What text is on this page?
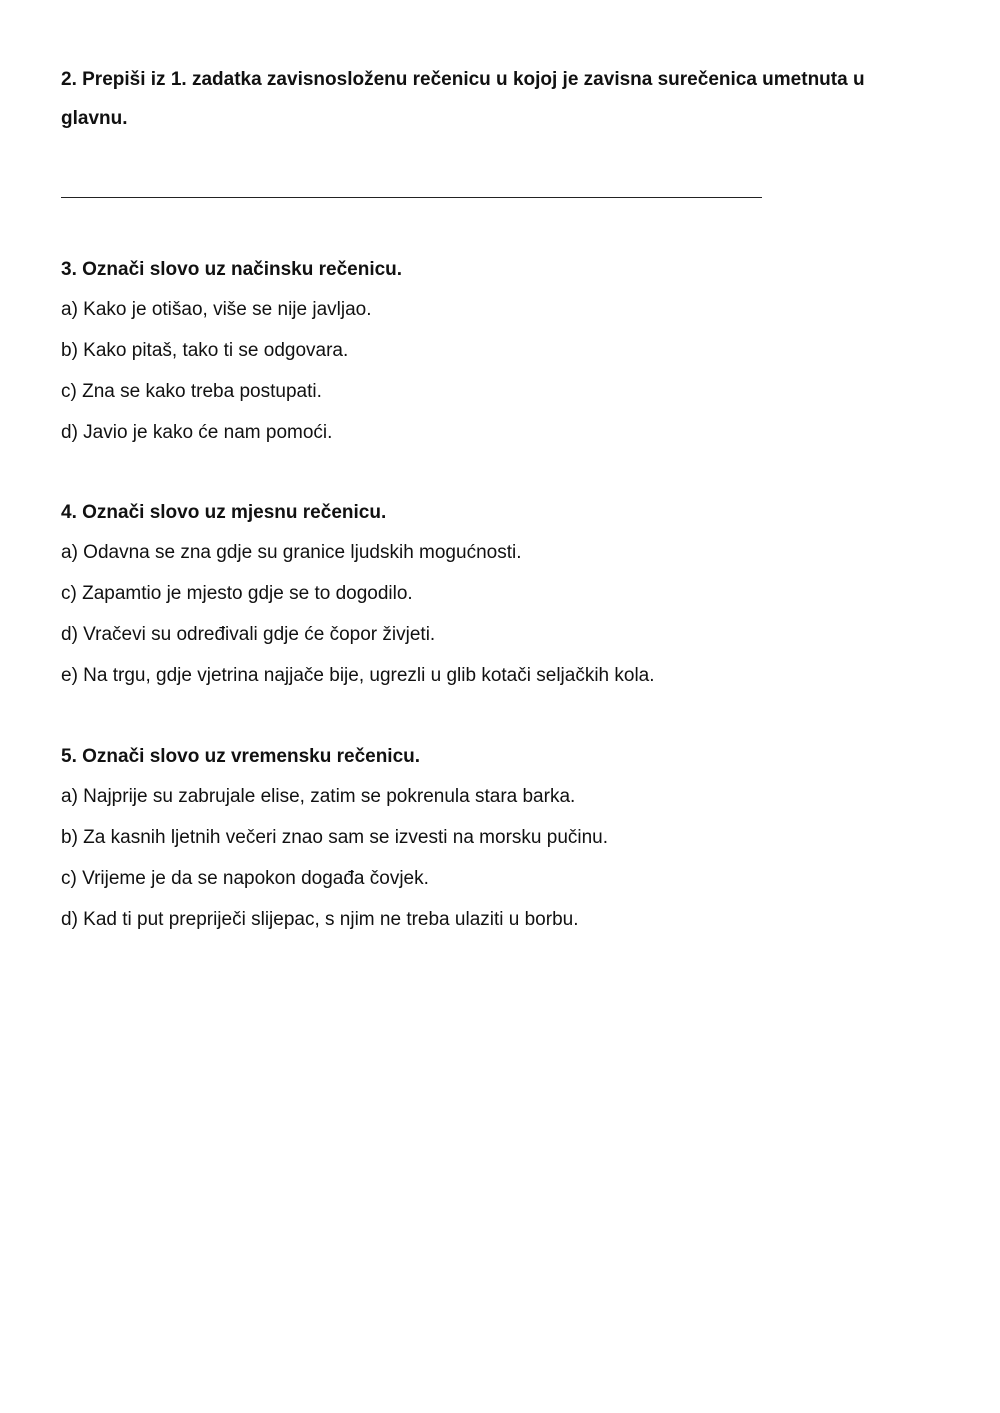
2. Prepiši iz 1. zadatka zavisnosloženu rečenicu u kojoj je zavisna surečenica umetnuta u glavnu.

3. Označi slovo uz načinsku rečenicu.

a) Kako je otišao, više se nije javljao.
b) Kako pitaš, tako ti se odgovara.
c) Zna se kako treba postupati.
d) Javio je kako će nam pomoći.

4. Označi slovo uz mjesnu rečenicu.

a) Odavna se zna gdje su granice ljudskih mogućnosti.
c) Zapamtio je mjesto gdje se to dogodilo.
d) Vračevi su određivali gdje će čopor živjeti.
e) Na trgu, gdje vjetrina najjače bije, ugrezli u glib kotači seljačkih kola.

5. Označi slovo uz vremensku rečenicu.

a) Najprije su zabrujale elise, zatim se pokrenula stara barka.
b) Za kasnih ljetnih večeri znao sam se izvesti na morsku pučinu.
c) Vrijeme je da se napokon događa čovjek.
d) Kad ti put prepriječi slijepac, s njim ne treba ulaziti u borbu.
